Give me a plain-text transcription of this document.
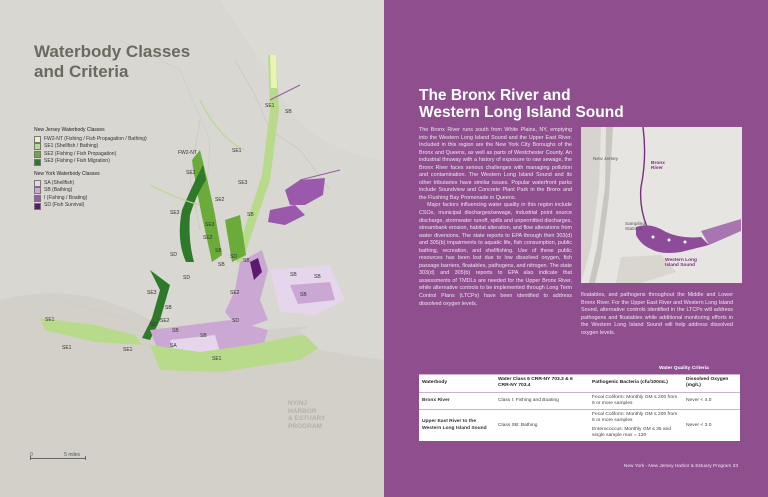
Waterbody Classes
and Criteria
New Jersey Waterbody Classes
FW2-NT (Fishing / Fish Propagation / Bathing)
SE1 (Shellfish / Bathing)
SE2 (Fishing / Fish Propagation)
SE3 (Fishing / Fish Migration)
New York Waterbody Classes
SA (Shellfish)
SB (Bathing)
I (Fishing / Boating)
SD (Fish Survival)
SE1
SB
FW2-NT	SE1
SE2
SE3
SE2
SE3
SE3
SB
SE2
SB
SD
SD
SB
SB
SD	SB	SB
SB
SE3
SE1
SE1
SB
SE2
SD
SB
SA
SB
SE1
SD
SE2
SE1
0	5 miles
NY/NJ
HARBOR
& ESTUARY
PROGRAM
The Bronx River and
Western Long Island Sound

The Bronx River runs south from White Plains, NY, emptying into the Western Long Island Sound and the Upper East River. Included in this region are the New York City Boroughs of the Bronx and Queens, as well as parts of Westchester County. An industrial thruway with a history of exposure to raw sewage, the Bronx River faces serious challenges with managing pollution and contamination. The Western Long Island Sound and its other tributaries have similar issues. Popular waterfront parks include Soundview and Concrete Plant Park in the Bronx and the Flushing Bay Promenade in Queens.

Major factors influencing water quality in this region include CSOs, municipal discharges/sewage, industrial point source discharge, stormwater runoff, spills and unpermitted discharges, streambank erosion, habitat alteration, and flow alterations from water diversions. The state reports to EPA through their 303(d) and 305(b) impairments to aquatic life, fish consumption, public bathing, recreation, and shellfishing. Use of these public resources has been lost due to low dissolved oxygen, fish passage barriers, floatables, pathogens, and nitrogen. The state 303(d) and 305(b) reports to EPA also indicate that assessments of TMDLs are needed for the Upper Bronx River, while alternative controls to be implemented through Long Term Control Plans (LTCPs) have been identified to address dissolved oxygen levels,

New Jersey
Bronx River
Sampling Stations
Western Long Island Sound

floatables, and pathogens throughout the Middle and Lower Bronx River. For the Upper East River and Western Long Island Sound, alternative controls identified in the LTCPs will address pathogens and floatables while additional monitoring efforts in the Western Long Island Sound will help address dissolved oxygen levels.

Water Quality Criteria
Waterbody	Water Class 6 CRR-NY 703.3 & 6 CRR-NY 703.4	Pathogenic Bacteria (cfu/100mL)	Dissolved Oxygen (mg/L)
Bronx River	Class I: Fishing and Boating	Fecal Coliform: Monthly GM ≤ 200 from 5 or more samples	Never < 4.0
Upper East River to the Western Long Island Sound	Class SB: Bathing	Fecal Coliform: Monthly GM ≤ 200 from 5 or more samples
Enterococcus: Monthly GM ≤ 35 and single sample max = 130	Never < 3.0
New York - New Jersey Harbor & Estuary Program 33
